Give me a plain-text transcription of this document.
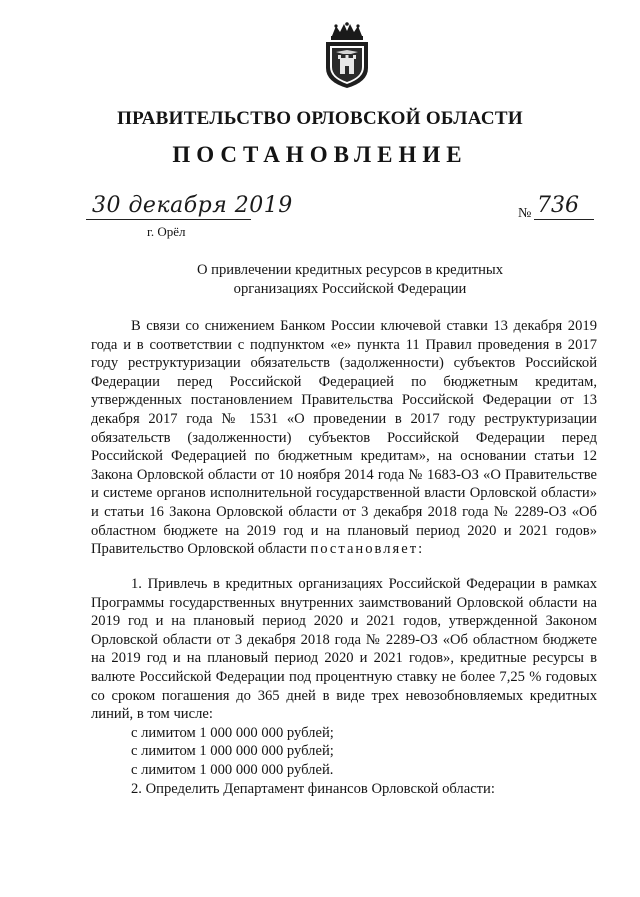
ПРАВИТЕЛЬСТВО ОРЛОВСКОЙ ОБЛАСТИ
ПОСТАНОВЛЕНИЕ
30 декабря 2019
г. Орёл
№ 736
О привлечении кредитных ресурсов в кредитных
организациях Российской Федерации

В связи со снижением Банком России ключевой ставки 13 декабря 2019 года и в соответствии с подпунктом «е» пункта 11 Правил проведения в 2017 году реструктуризации обязательств (задолженности) субъектов Российской Федерации перед Российской Федерацией по бюджетным кредитам, утвержденных постановлением Правительства Российской Федерации от 13 декабря 2017 года № 1531 «О проведении в 2017 году реструктуризации обязательств (задолженности) субъектов Российской Федерации перед Российской Федерацией по бюджетным кредитам», на основании статьи 12 Закона Орловской области от 10 ноября 2014 года № 1683-ОЗ «О Правительстве и системе органов исполнительной государственной власти Орловской области» и статьи 16 Закона Орловской области от 3 декабря 2018 года № 2289-ОЗ «Об областном бюджете на 2019 год и на плановый период 2020 и 2021 годов» Правительство Орловской области постановляет:

1. Привлечь в кредитных организациях Российской Федерации в рамках Программы государственных внутренних заимствований Орловской области на 2019 год и на плановый период 2020 и 2021 годов, утвержденной Законом Орловской области от 3 декабря 2018 года № 2289-ОЗ «Об областном бюджете на 2019 год и на плановый период 2020 и 2021 годов», кредитные ресурсы в валюте Российской Федерации под процентную ставку не более 7,25 % годовых со сроком погашения до 365 дней в виде трех невозобновляемых кредитных линий, в том числе:

с лимитом 1 000 000 000 рублей;

с лимитом 1 000 000 000 рублей;

с лимитом 1 000 000 000 рублей.

2. Определить Департамент финансов Орловской области:
